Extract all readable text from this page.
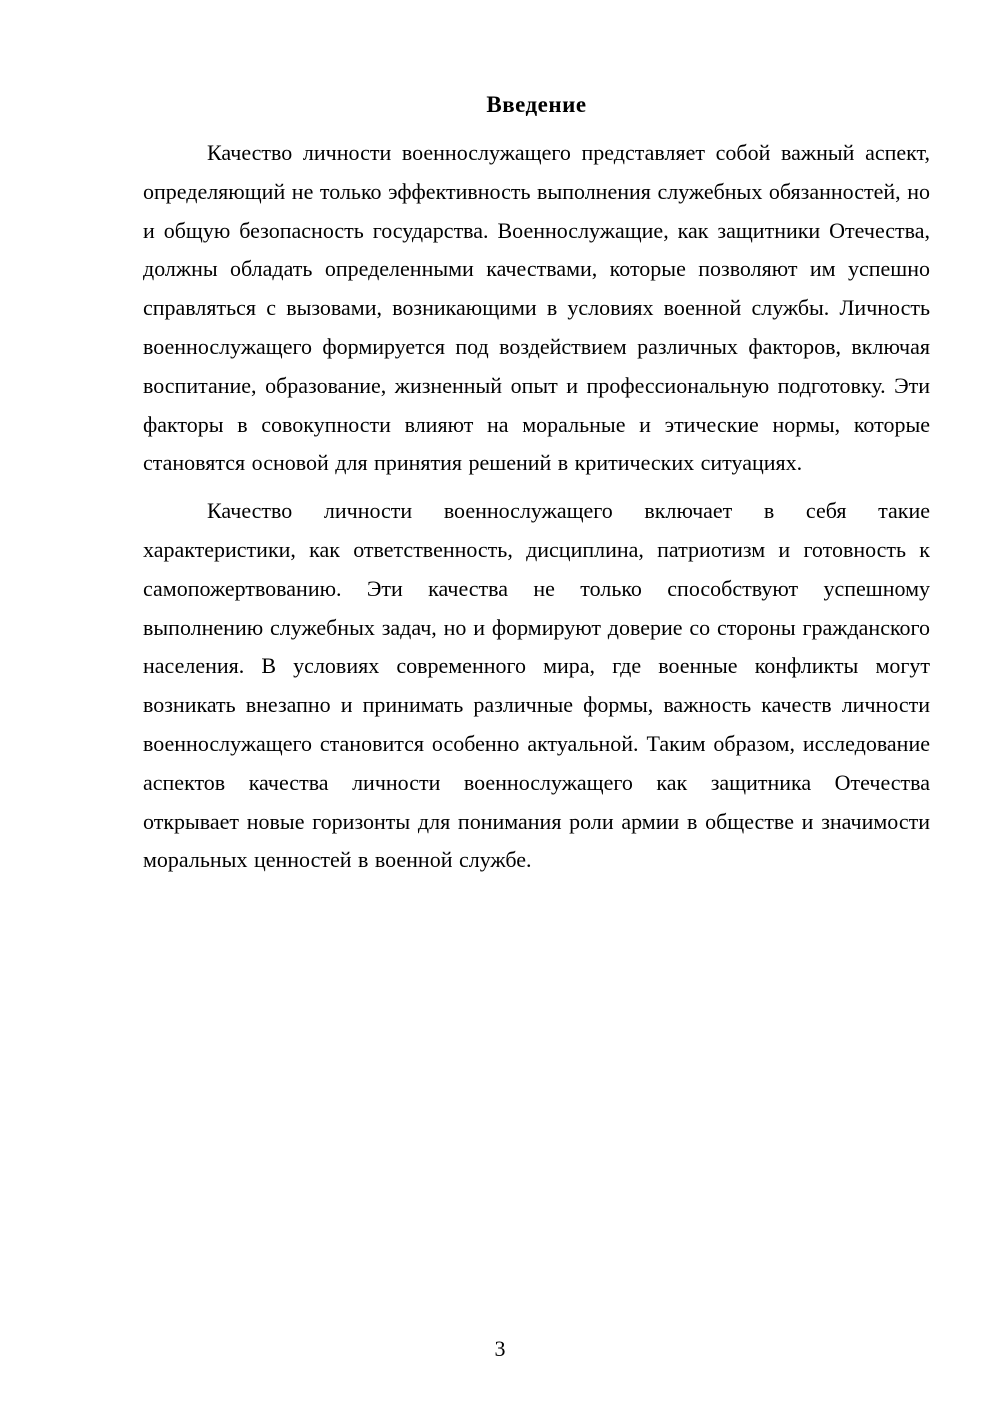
Введение

Качество личности военнослужащего представляет собой важный аспект, определяющий не только эффективность выполнения служебных обязанностей, но и общую безопасность государства. Военнослужащие, как защитники Отечества, должны обладать определенными качествами, которые позволяют им успешно справляться с вызовами, возникающими в условиях военной службы. Личность военнослужащего формируется под воздействием различных факторов, включая воспитание, образование, жизненный опыт и профессиональную подготовку. Эти факторы в совокупности влияют на моральные и этические нормы, которые становятся основой для принятия решений в критических ситуациях.

Качество личности военнослужащего включает в себя такие характеристики, как ответственность, дисциплина, патриотизм и готовность к самопожертвованию. Эти качества не только способствуют успешному выполнению служебных задач, но и формируют доверие со стороны гражданского населения. В условиях современного мира, где военные конфликты могут возникать внезапно и принимать различные формы, важность качеств личности военнослужащего становится особенно актуальной. Таким образом, исследование аспектов качества личности военнослужащего как защитника Отечества открывает новые горизонты для понимания роли армии в обществе и значимости моральных ценностей в военной службе.

3
